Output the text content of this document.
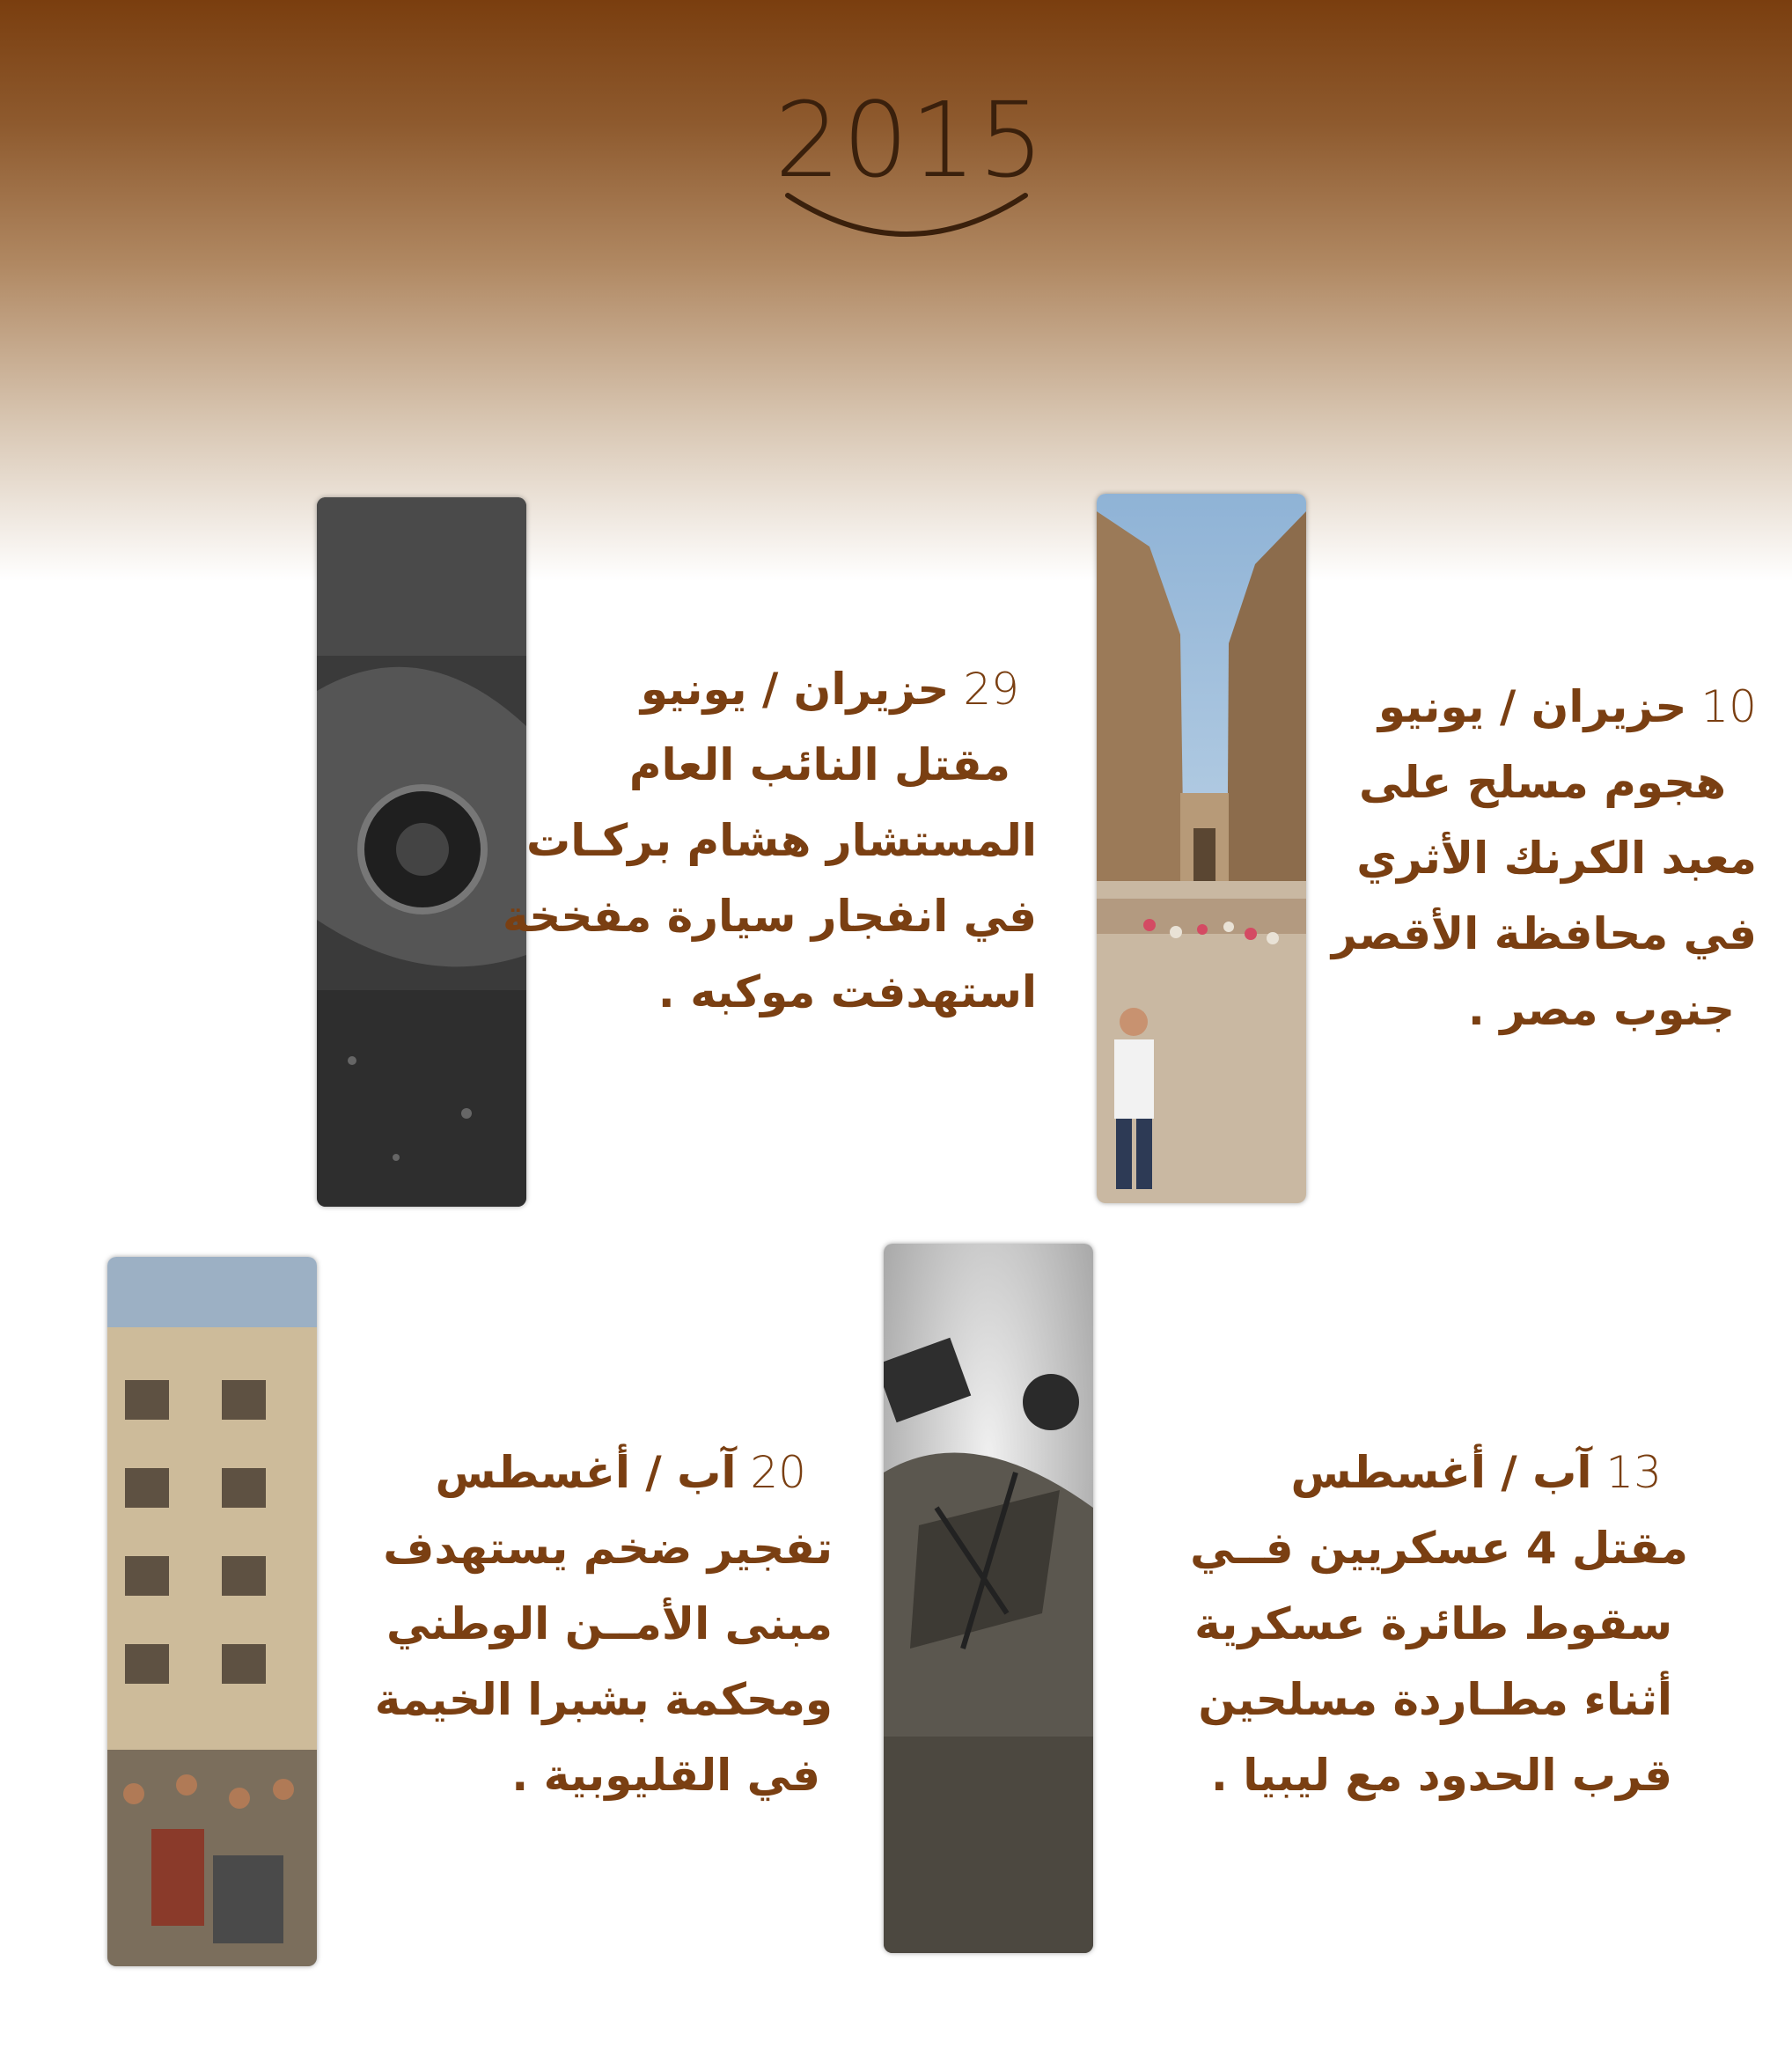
2015
10 حزيران / يونيو
هجوم مسلح على
معبد الكرنك الأثري
في محافظة الأقصر
جنوب مصر .
29 حزيران / يونيو
مقتل النائب العام
المستشار هشام بركـات
في انفجار سيارة مفخخة
استهدفت موكبه .
13 آب / أغسطس
مقتل 4 عسكريين فــي
سقوط طائرة عسكرية
أثناء مطـاردة مسلحين
قرب الحدود مع ليبيا .
20 آب / أغسطس
تفجير ضخم يستهدف
مبنى الأمــن الوطني
ومحكمة بشبرا الخيمة
في القليوبية .
